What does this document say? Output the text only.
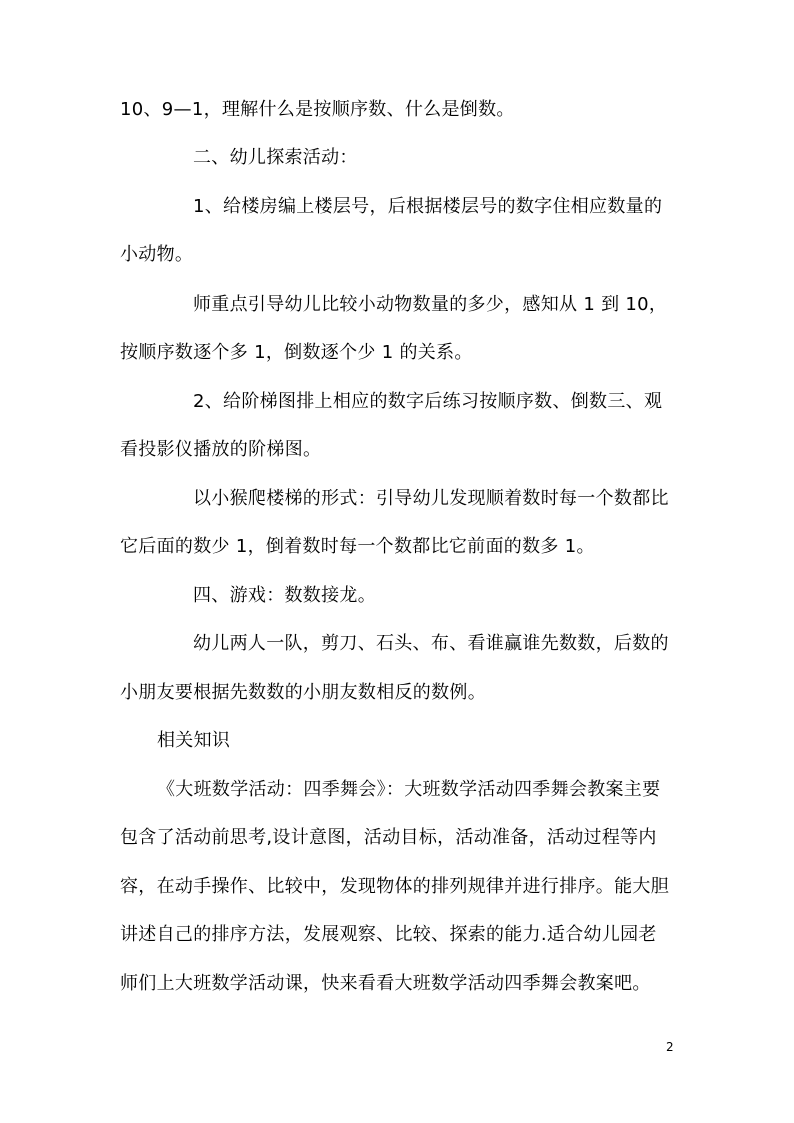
10、9—1，理解什么是按顺序数、什么是倒数。
二、幼儿探索活动：
1、给楼房编上楼层号，后根据楼层号的数字住相应数量的
小动物。
师重点引导幼儿比较小动物数量的多少，感知从 1 到 10，
按顺序数逐个多 1，倒数逐个少 1 的关系。
2、给阶梯图排上相应的数字后练习按顺序数、倒数三、观
看投影仪播放的阶梯图。
以小猴爬楼梯的形式：引导幼儿发现顺着数时每一个数都比
它后面的数少 1，倒着数时每一个数都比它前面的数多 1。
四、游戏：数数接龙。
幼儿两人一队，剪刀、石头、布、看谁赢谁先数数，后数的
小朋友要根据先数数的小朋友数相反的数例。
相关知识
《大班数学活动：四季舞会》：大班数学活动四季舞会教案主要
包含了活动前思考,设计意图，活动目标，活动准备，活动过程等内
容，在动手操作、比较中，发现物体的排列规律并进行排序。能大胆
讲述自己的排序方法，发展观察、比较、探索的能力.适合幼儿园老
师们上大班数学活动课，快来看看大班数学活动四季舞会教案吧。
2
